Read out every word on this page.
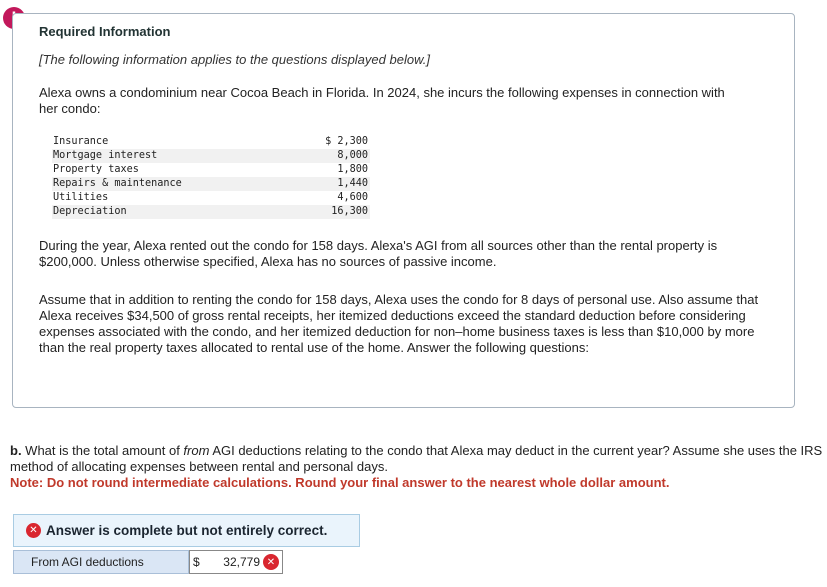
Required Information
[The following information applies to the questions displayed below.]
Alexa owns a condominium near Cocoa Beach in Florida. In 2024, she incurs the following expenses in connection with her condo:
Insurance	$ 2,300
Mortgage interest	8,000
Property taxes	1,800
Repairs & maintenance	1,440
Utilities	4,600
Depreciation	16,300
During the year, Alexa rented out the condo for 158 days. Alexa's AGI from all sources other than the rental property is $200,000. Unless otherwise specified, Alexa has no sources of passive income.
Assume that in addition to renting the condo for 158 days, Alexa uses the condo for 8 days of personal use. Also assume that Alexa receives $34,500 of gross rental receipts, her itemized deductions exceed the standard deduction before considering expenses associated with the condo, and her itemized deduction for non–home business taxes is less than $10,000 by more than the real property taxes allocated to rental use of the home. Answer the following questions:
b. What is the total amount of from AGI deductions relating to the condo that Alexa may deduct in the current year? Assume she uses the IRS method of allocating expenses between rental and personal days.
Note: Do not round intermediate calculations. Round your final answer to the nearest whole dollar amount.
✕ Answer is complete but not entirely correct.
From AGI deductions	$	32,779 ✕
